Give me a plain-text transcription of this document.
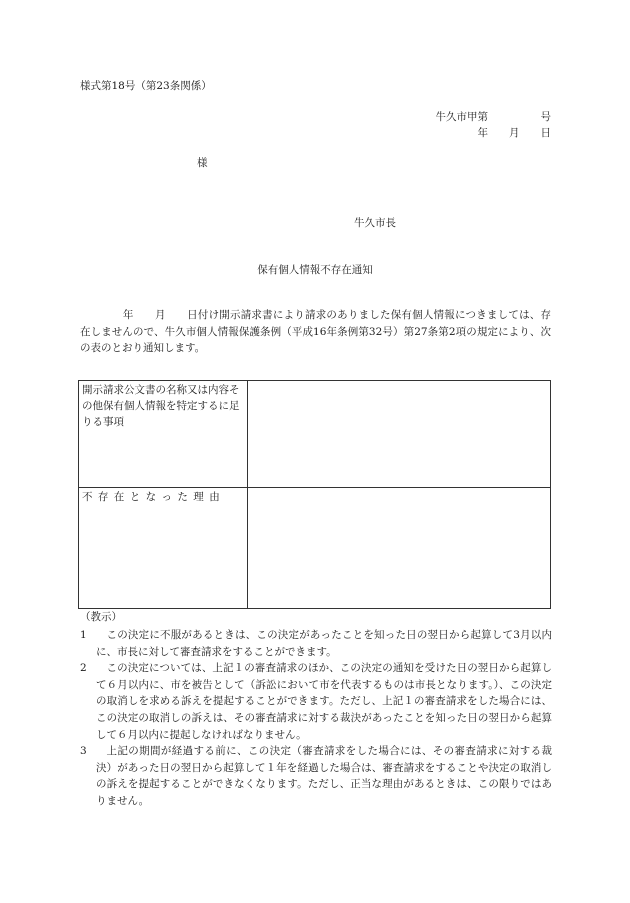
様式第18号（第23条関係）
牛久市甲第　　　　　号
年　　月　　日
様
牛久市長
保有個人情報不存在通知
　　　　年　　月　　日付け開示請求書により請求のありました保有個人情報につきましては、存在しませんので、牛久市個人情報保護条例（平成16年条例第32号）第27条第2項の規定により、次の表のとおり通知します。
開示請求公文書の名称又は内容その他保有個人情報を特定するに足りる事項	
不存在となった理由	
（教示）
1	この決定に不服があるときは、この決定があったことを知った日の翌日から起算して3月以内に、市長に対して審査請求をすることができます。
2	この決定については、上記１の審査請求のほか、この決定の通知を受けた日の翌日から起算して６月以内に、市を被告として（訴訟において市を代表するものは市長となります。）、この決定の取消しを求める訴えを提起することができます。ただし、上記１の審査請求をした場合には、この決定の取消しの訴えは、その審査請求に対する裁決があったことを知った日の翌日から起算して６月以内に提起しなければなりません。
3	上記の期間が経過する前に、この決定（審査請求をした場合には、その審査請求に対する裁決）があった日の翌日から起算して１年を経過した場合は、審査請求をすることや決定の取消しの訴えを提起することができなくなります。ただし、正当な理由があるときは、この限りではありません。
